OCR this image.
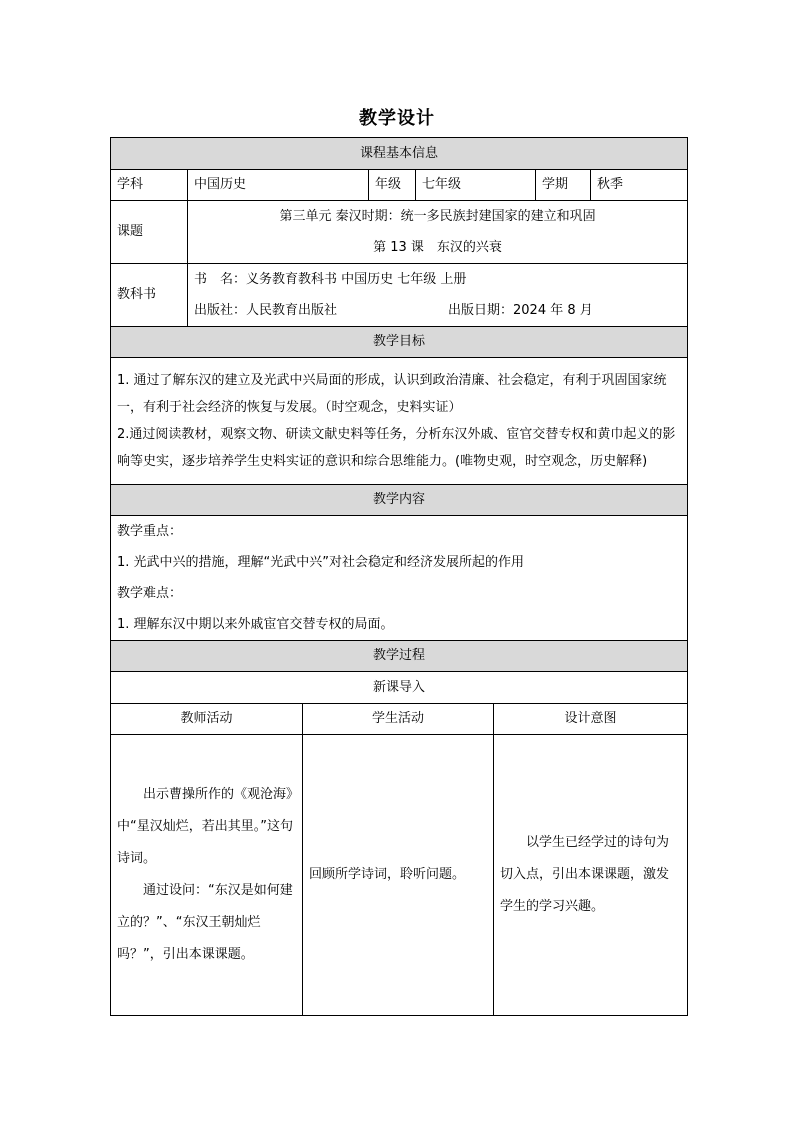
教学设计
课程基本信息							
学科	中国历史		年级	七年级		学期	秋季
课题	第三单元 秦汉时期：统一多民族封建国家的建立和巩固
第 13 课　东汉的兴衰						

教科书	书　名：义务教育教科书 中国历史 七年级 上册
出版社：人民教育出版社 出版日期：2024 年 8 月						

教学目标							

1. 通过了解东汉的建立及光武中兴局面的形成，认识到政治清廉、社会稳定，有利于巩固国家统一，有利于社会经济的恢复与发展。（时空观念，史料实证）

2.通过阅读教材，观察文物、研读文献史料等任务，分析东汉外戚、宦官交替专权和黄巾起义的影响等史实，逐步培养学生史料实证的意识和综合思维能力。(唯物史观，时空观念，历史解释)							

教学内容							

教学重点：

1. 光武中兴的措施，理解“光武中兴”对社会稳定和经济发展所起的作用

教学难点：

1. 理解东汉中期以来外戚宦官交替专权的局面。							

教学过程							
新课导入							
教师活动		学生活动			设计意图		

出示曹操所作的《观沧海》中“星汉灿烂，若出其里。”这句诗词。

通过设问：“东汉是如何建立的？”、“东汉王朝灿烂吗？”，引出本课课题。		回顾所学诗词，聆听问题。			以学生已经学过的诗句为切入点，引出本课课题，激发学生的学习兴趣。		
